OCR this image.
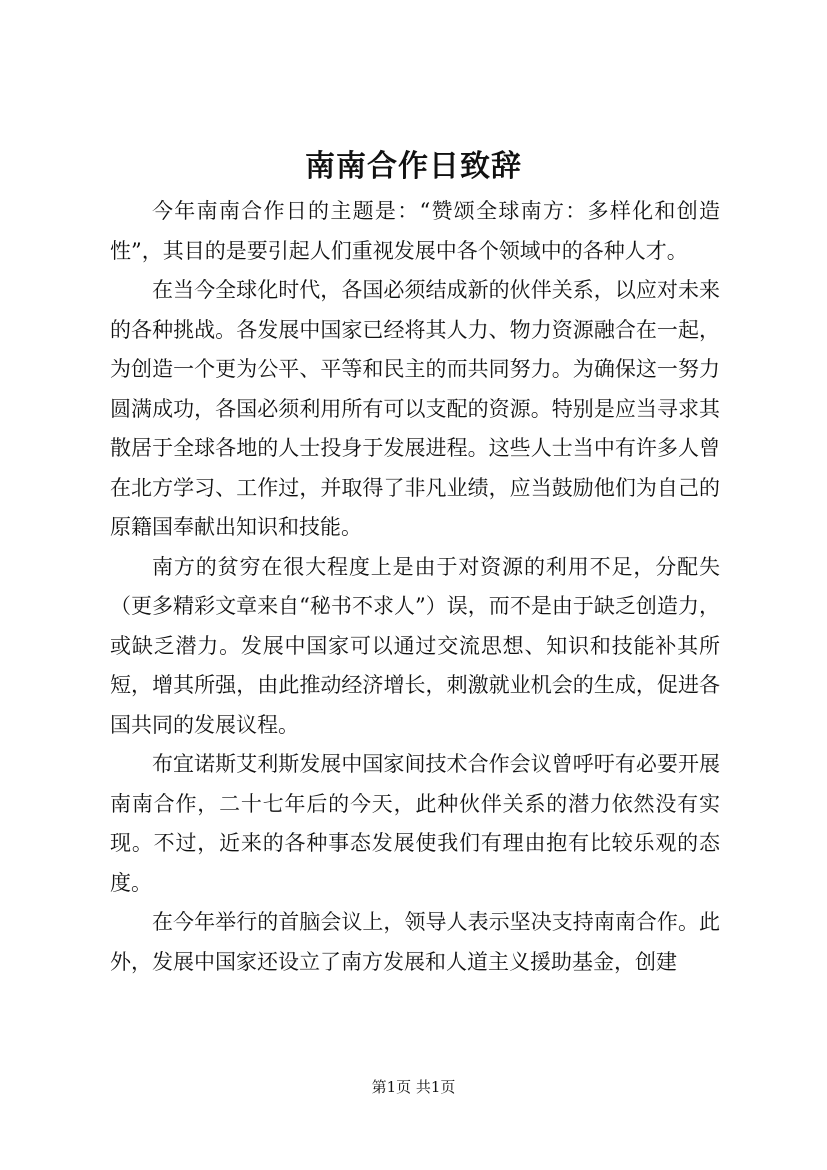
南南合作日致辞

今年南南合作日的主题是：“赞颂全球南方：多样化和创造性”，其目的是要引起人们重视发展中各个领域中的各种人才。

在当今全球化时代，各国必须结成新的伙伴关系，以应对未来的各种挑战。各发展中国家已经将其人力、物力资源融合在一起，为创造一个更为公平、平等和民主的而共同努力。为确保这一努力圆满成功，各国必须利用所有可以支配的资源。特别是应当寻求其散居于全球各地的人士投身于发展进程。这些人士当中有许多人曾在北方学习、工作过，并取得了非凡业绩，应当鼓励他们为自己的原籍国奉献出知识和技能。

南方的贫穷在很大程度上是由于对资源的利用不足，分配失（更多精彩文章来自“秘书不求人”）误，而不是由于缺乏创造力，或缺乏潜力。发展中国家可以通过交流思想、知识和技能补其所短，增其所强，由此推动经济增长，刺激就业机会的生成，促进各国共同的发展议程。

布宜诺斯艾利斯发展中国家间技术合作会议曾呼吁有必要开展南南合作，二十七年后的今天，此种伙伴关系的潜力依然没有实现。不过，近来的各种事态发展使我们有理由抱有比较乐观的态度。

在今年举行的首脑会议上，领导人表示坚决支持南南合作。此外，发展中国家还设立了南方发展和人道主义援助基金，创建

第1页 共1页
